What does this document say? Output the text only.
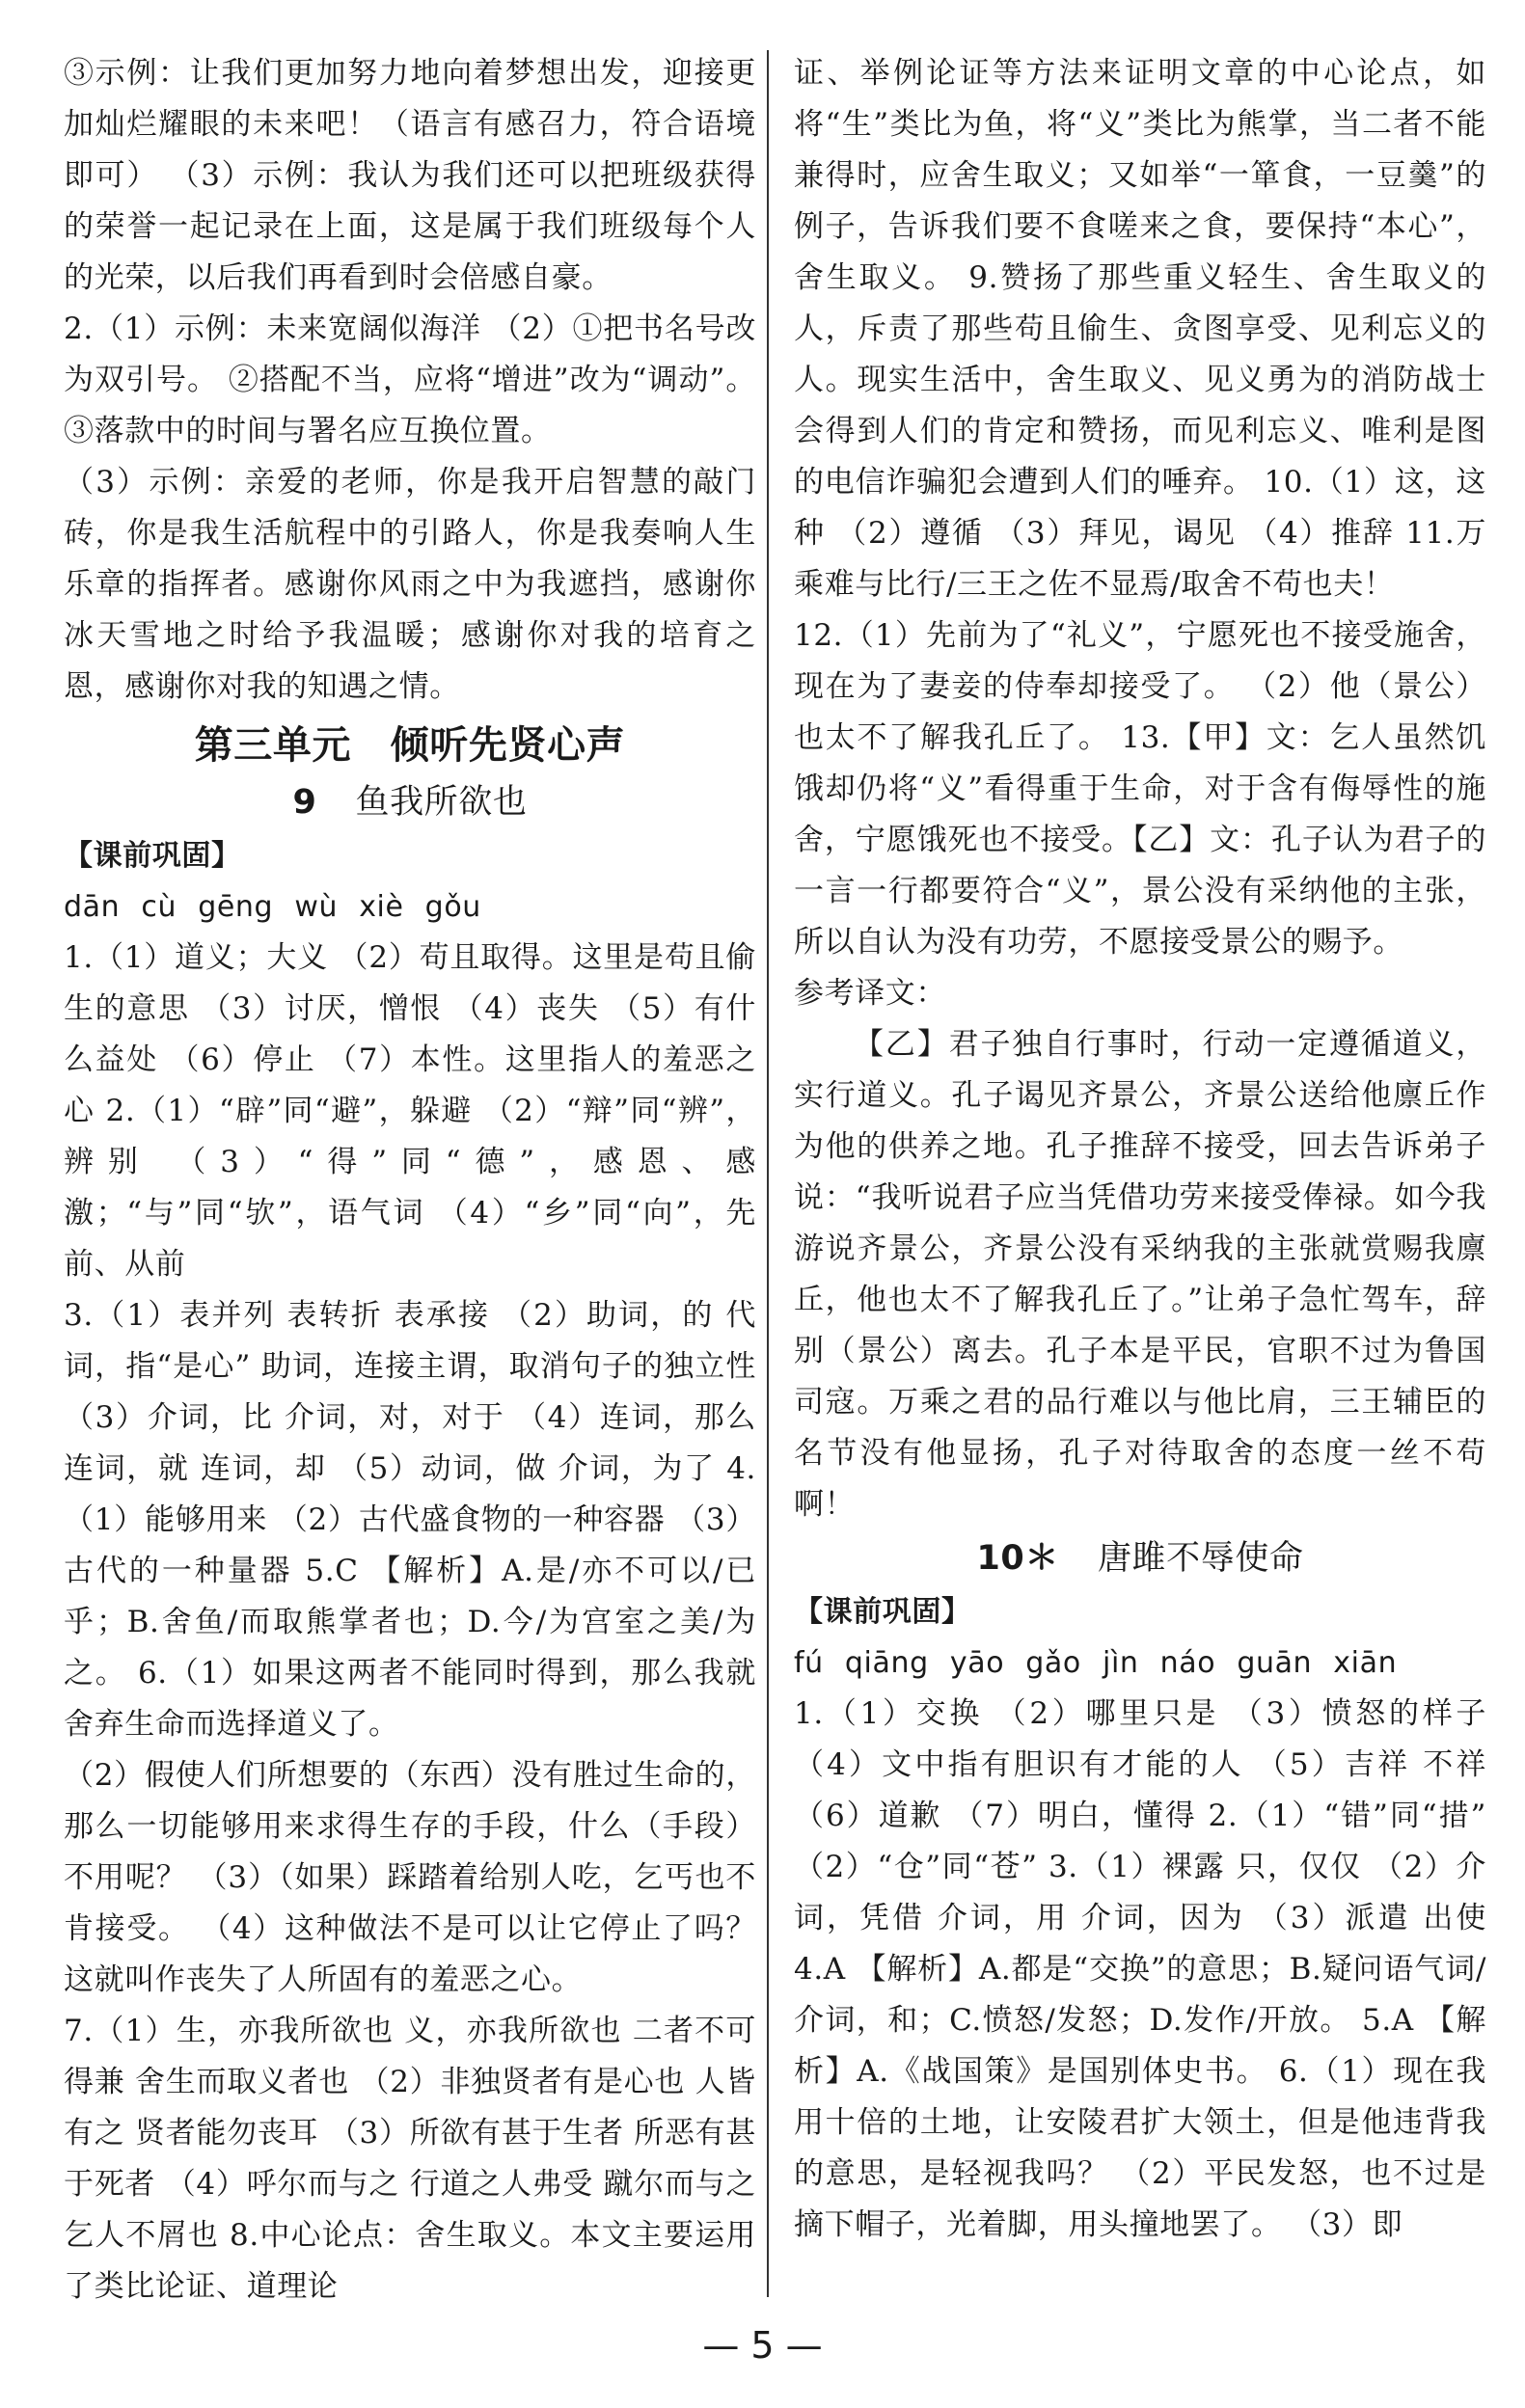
③示例：让我们更加努力地向着梦想出发，迎接更加灿烂耀眼的未来吧！（语言有感召力，符合语境即可） （3）示例：我认为我们还可以把班级获得的荣誉一起记录在上面，这是属于我们班级每个人的光荣，以后我们再看到时会倍感自豪。

2.（1）示例：未来宽阔似海洋 （2）①把书名号改为双引号。 ②搭配不当，应将“增进”改为“调动”。 ③落款中的时间与署名应互换位置。

（3）示例：亲爱的老师，你是我开启智慧的敲门砖，你是我生活航程中的引路人，你是我奏响人生乐章的指挥者。感谢你风雨之中为我遮挡，感谢你冰天雪地之时给予我温暖；感谢你对我的培育之恩，感谢你对我的知遇之情。

第三单元　倾听先贤心声
9 鱼我所欲也
【课前巩固】
dān cù gēng wù xiè gǒu

1.（1）道义；大义 （2）苟且取得。这里是苟且偷生的意思 （3）讨厌，憎恨 （4）丧失 （5）有什么益处 （6）停止 （7）本性。这里指人的羞恶之心 2.（1）“辟”同“避”，躲避 （2）“辩”同“辨”，辨别 （3）“得”同“德”，感恩、感激；“与”同“欤”，语气词 （4）“乡”同“向”，先前、从前

3.（1）表并列 表转折 表承接 （2）助词，的 代词，指“是心” 助词，连接主谓，取消句子的独立性 （3）介词，比 介词，对，对于 （4）连词，那么 连词，就 连词，却 （5）动词，做 介词，为了 4.（1）能够用来 （2）古代盛食物的一种容器 （3）古代的一种量器 5.C 【解析】A.是/亦不可以/已乎；B.舍鱼/而取熊掌者也；D.今/为宫室之美/为之。 6.（1）如果这两者不能同时得到，那么我就舍弃生命而选择道义了。

（2）假使人们所想要的（东西）没有胜过生命的，那么一切能够用来求得生存的手段，什么（手段）不用呢？ （3）（如果）踩踏着给别人吃，乞丐也不肯接受。 （4）这种做法不是可以让它停止了吗？这就叫作丧失了人所固有的羞恶之心。

7.（1）生，亦我所欲也 义，亦我所欲也 二者不可得兼 舍生而取义者也 （2）非独贤者有是心也 人皆有之 贤者能勿丧耳 （3）所欲有甚于生者 所恶有甚于死者 （4）呼尔而与之 行道之人弗受 蹴尔而与之 乞人不屑也 8.中心论点：舍生取义。本文主要运用了类比论证、道理论

证、举例论证等方法来证明文章的中心论点，如将“生”类比为鱼，将“义”类比为熊掌，当二者不能兼得时，应舍生取义；又如举“一箪食，一豆羹”的例子，告诉我们要不食嗟来之食，要保持“本心”，舍生取义。 9.赞扬了那些重义轻生、舍生取义的人，斥责了那些苟且偷生、贪图享受、见利忘义的人。现实生活中，舍生取义、见义勇为的消防战士会得到人们的肯定和赞扬，而见利忘义、唯利是图的电信诈骗犯会遭到人们的唾弃。 10.（1）这，这种 （2）遵循 （3）拜见，谒见 （4）推辞 11.万乘难与比行/三王之佐不显焉/取舍不苟也夫！

12.（1）先前为了“礼义”，宁愿死也不接受施舍，现在为了妻妾的侍奉却接受了。 （2）他（景公）也太不了解我孔丘了。 13.【甲】文：乞人虽然饥饿却仍将“义”看得重于生命，对于含有侮辱性的施舍，宁愿饿死也不接受。【乙】文：孔子认为君子的一言一行都要符合“义”，景公没有采纳他的主张，所以自认为没有功劳，不愿接受景公的赐予。

参考译文：

【乙】君子独自行事时，行动一定遵循道义，实行道义。孔子谒见齐景公，齐景公送给他廪丘作为他的供养之地。孔子推辞不接受，回去告诉弟子说：“我听说君子应当凭借功劳来接受俸禄。如今我游说齐景公，齐景公没有采纳我的主张就赏赐我廪丘，他也太不了解我孔丘了。”让弟子急忙驾车，辞别（景公）离去。孔子本是平民，官职不过为鲁国司寇。万乘之君的品行难以与他比肩，三王辅臣的名节没有他显扬，孔子对待取舍的态度一丝不苟啊！

10＊ 唐雎不辱使命
【课前巩固】
fú qiāng yāo gǎo jìn náo guān xiān

1.（1）交换 （2）哪里只是 （3）愤怒的样子 （4）文中指有胆识有才能的人 （5）吉祥 不祥 （6）道歉 （7）明白，懂得 2.（1）“错”同“措” （2）“仓”同“苍” 3.（1）裸露 只，仅仅 （2）介词，凭借 介词，用 介词，因为 （3）派遣 出使 4.A 【解析】A.都是“交换”的意思；B.疑问语气词/介词，和；C.愤怒/发怒；D.发作/开放。 5.A 【解析】A.《战国策》是国别体史书。 6.（1）现在我用十倍的土地，让安陵君扩大领土，但是他违背我的意思，是轻视我吗？ （2）平民发怒，也不过是摘下帽子，光着脚，用头撞地罢了。 （3）即

— 5 —
